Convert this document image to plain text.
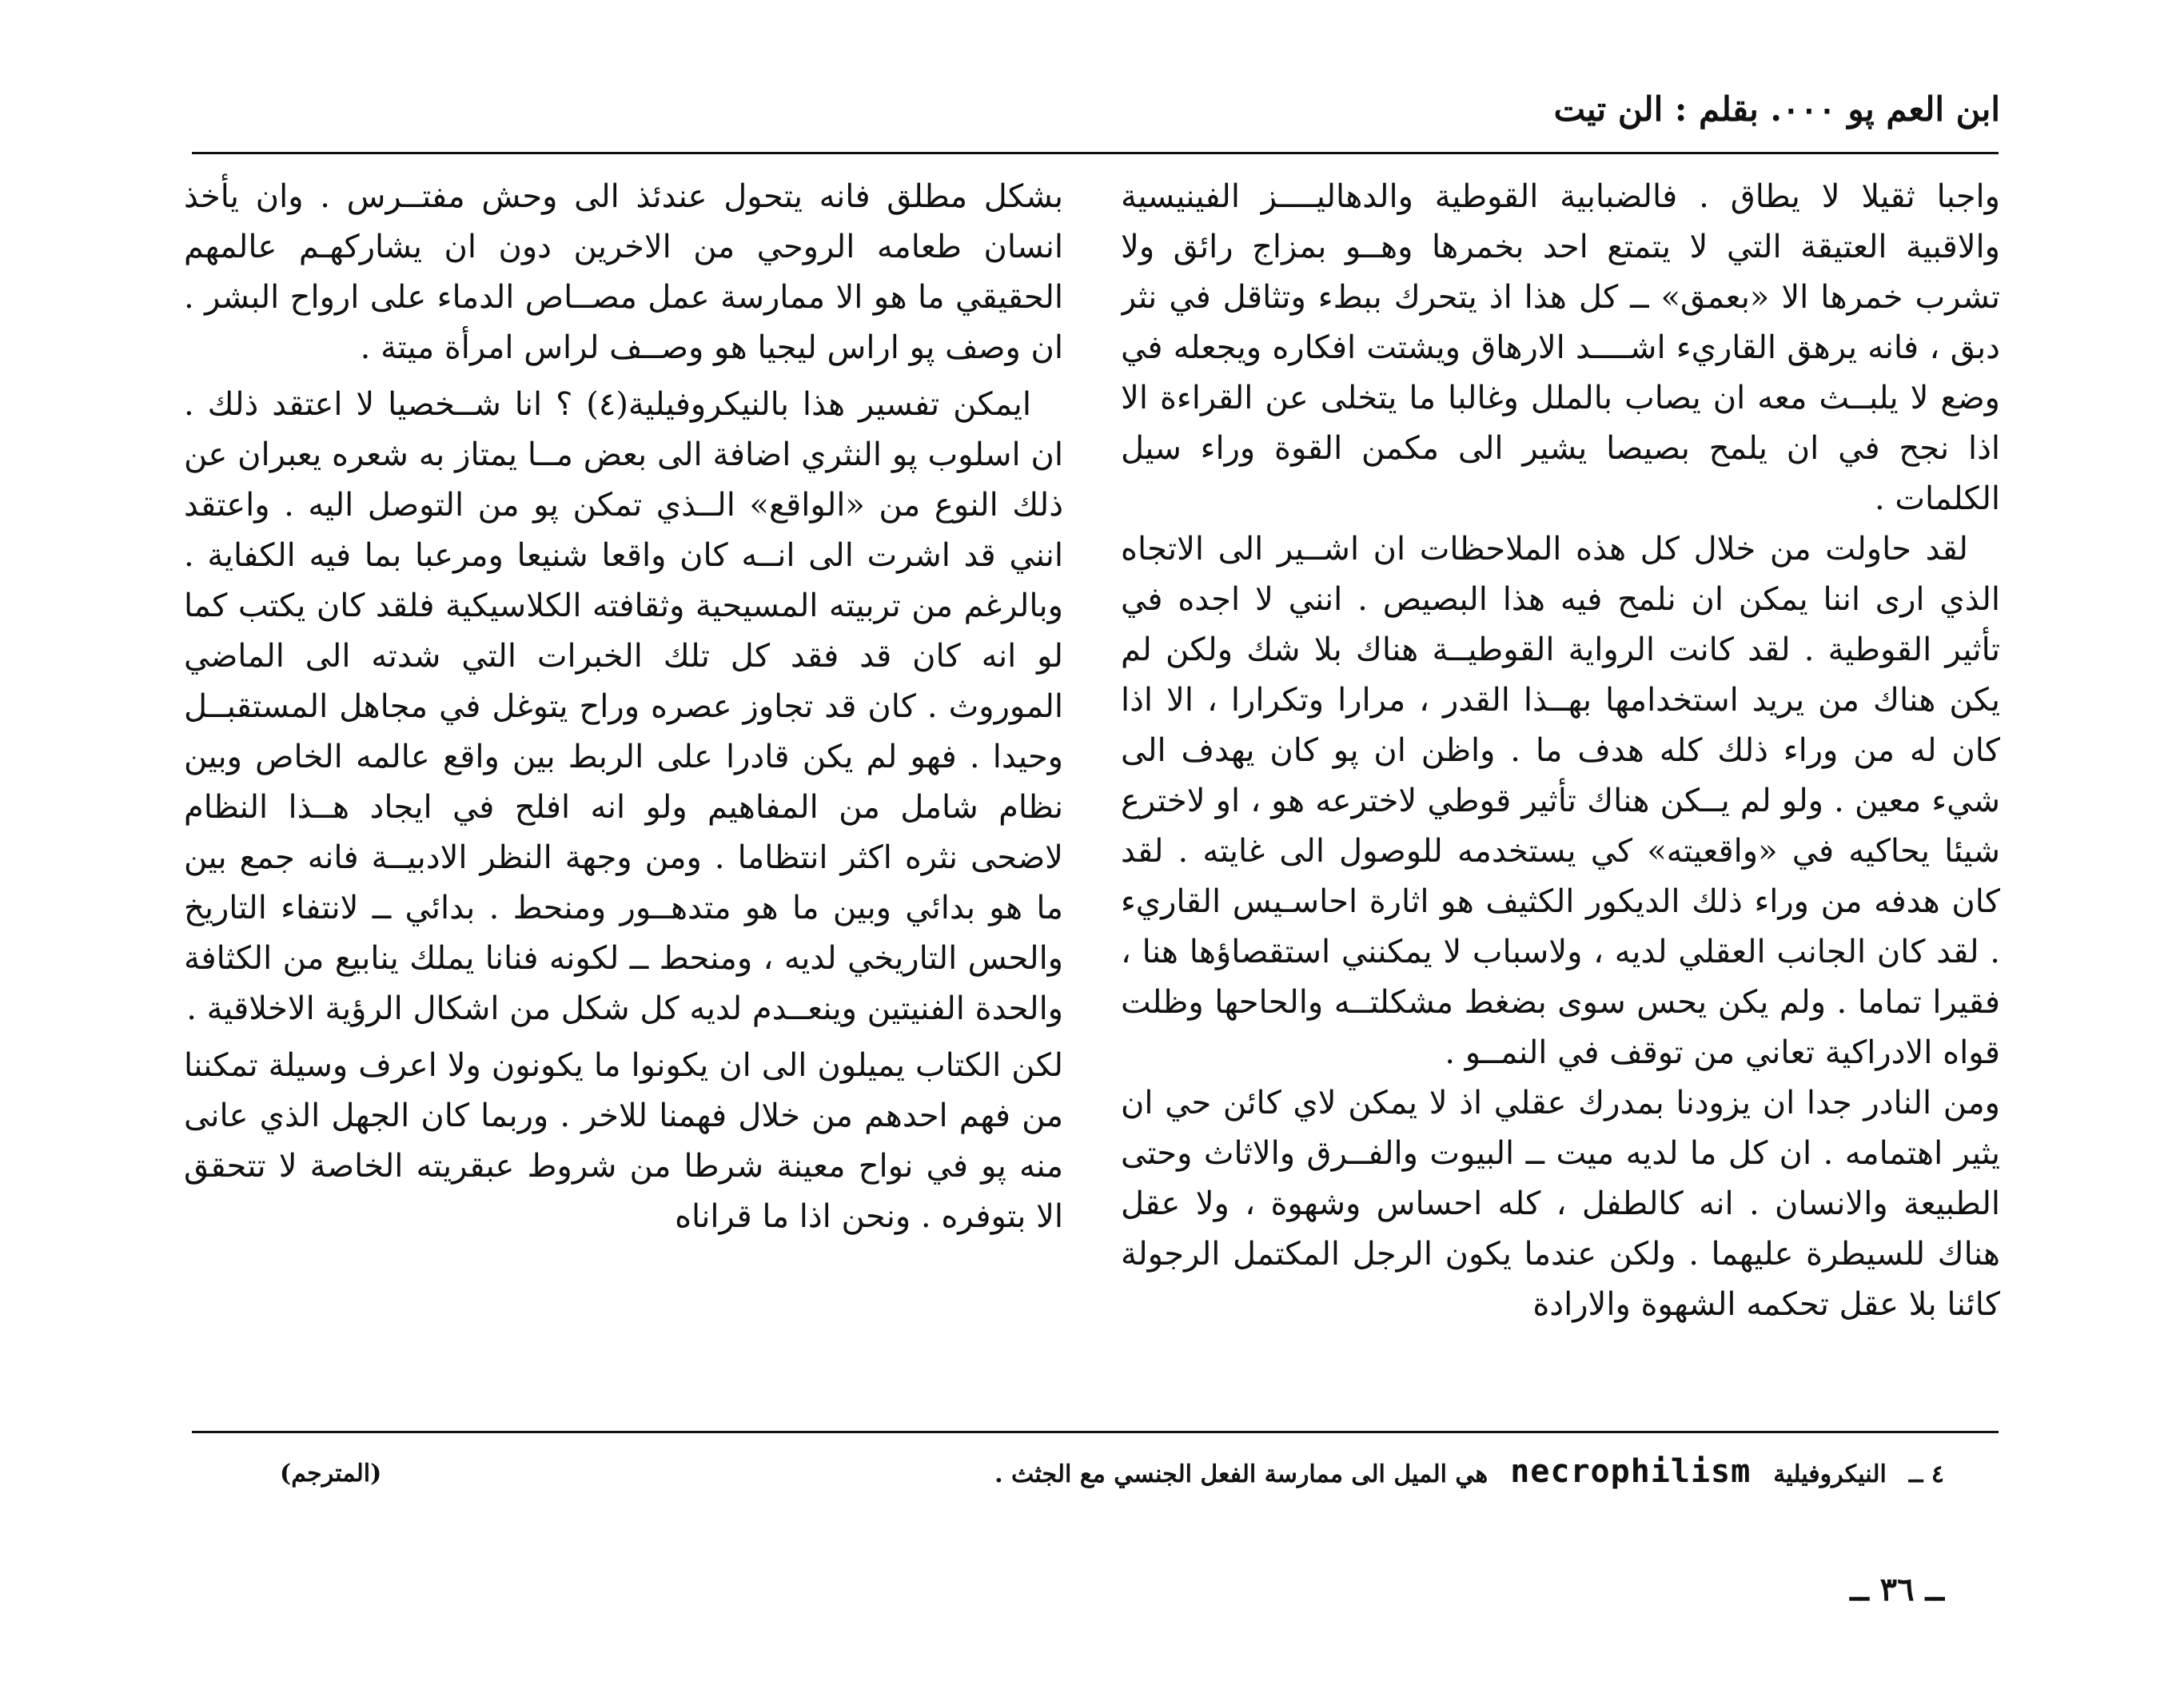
ابن العم پو ٠٠٠. بقلم : الن تيت

واجبا ثقيلا لا يطاق . فالضبابية القوطية والدهاليــــز الفينيسية والاقبية العتيقة التي لا يتمتع احد بخمرها وهــو بمزاج رائق ولا تشرب خمرها الا «بعمق» ــ كل هذا اذ يتحرك ببطء وتثاقل في نثر دبق ، فانه يرهق القاريء اشــــد الارهاق ويشتت افكاره ويجعله في وضع لا يلبــث معه ان يصاب بالملل وغالبا ما يتخلى عن القراءة الا اذا نجح في ان يلمح بصيصا يشير الى مكمن القوة وراء سيل الكلمات .

لقد حاولت من خلال كل هذه الملاحظات ان اشــير الى الاتجاه الذي ارى اننا يمكن ان نلمح فيه هذا البصيص . انني لا اجده في تأثير القوطية . لقد كانت الرواية القوطيــة هناك بلا شك ولكن لم يكن هناك من يريد استخدامها بهــذا القدر ، مرارا وتكرارا ، الا اذا كان له من وراء ذلك كله هدف ما . واظن ان پو كان يهدف الى شيء معين . ولو لم يــكن هناك تأثير قوطي لاخترعه هو ، او لاخترع شيئا يحاكيه في «واقعيته» كي يستخدمه للوصول الى غايته . لقد كان هدفه من وراء ذلك الديكور الكثيف هو اثارة احاسـيس القاريء . لقد كان الجانب العقلي لديه ، ولاسباب لا يمكنني استقصاؤها هنا ، فقيرا تماما . ولم يكن يحس سوى بضغط مشكلتــه والحاحها وظلت قواه الادراكية تعاني من توقف في النمــو .

ومن النادر جدا ان يزودنا بمدرك عقلي اذ لا يمكن لاي كائن حي ان يثير اهتمامه . ان كل ما لديه ميت ــ البيوت والفــرق والاثاث وحتى الطبيعة والانسان . انه كالطفل ، كله احساس وشهوة ، ولا عقل هناك للسيطرة عليهما . ولكن عندما يكون الرجل المكتمل الرجولة كائنا بلا عقل تحكمه الشهوة والارادة

بشكل مطلق فانه يتحول عندئذ الى وحش مفتــرس . وان يأخذ انسان طعامه الروحي من الاخرين دون ان يشاركهـم عالمهم الحقيقي ما هو الا ممارسة عمل مصــاص الدماء على ارواح البشر . ان وصف پو اراس ليجيا هو وصــف لراس امرأة ميتة .

ايمكن تفسير هذا بالنيكروفيلية(٤) ؟ انا شــخصيا لا اعتقد ذلك . ان اسلوب پو النثري اضافة الى بعض مــا يمتاز به شعره يعبران عن ذلك النوع من «الواقع» الــذي تمكن پو من التوصل اليه . واعتقد انني قد اشرت الى انــه كان واقعا شنيعا ومرعبا بما فيه الكفاية . وبالرغم من تربيته المسيحية وثقافته الكلاسيكية فلقد كان يكتب كما لو انه كان قد فقد كل تلك الخبرات التي شدته الى الماضي الموروث . كان قد تجاوز عصره وراح يتوغل في مجاهل المستقبــل وحيدا . فهو لم يكن قادرا على الربط بين واقع عالمه الخاص وبين نظام شامل من المفاهيم ولو انه افلح في ايجاد هــذا النظام لاضحى نثره اكثر انتظاما . ومن وجهة النظر الادبيــة فانه جمع بين ما هو بدائي وبين ما هو متدهــور ومنحط . بدائي ــ لانتفاء التاريخ والحس التاريخي لديه ، ومنحط ــ لكونه فنانا يملك ينابيع من الكثافة والحدة الفنيتين وينعــدم لديه كل شكل من اشكال الرؤية الاخلاقية .

لكن الكتاب يميلون الى ان يكونوا ما يكونون ولا اعرف وسيلة تمكننا من فهم احدهم من خلال فهمنا للاخر . وربما كان الجهل الذي عانى منه پو في نواح معينة شرطا من شروط عبقريته الخاصة لا تتحقق الا بتوفره . ونحن اذا ما قراناه

٤ ــ
النيكروفيلية
necrophilism
هي الميل الى ممارسة الفعل الجنسي مع الجثث .
(المترجم)
ــ ٣٦ ــ
